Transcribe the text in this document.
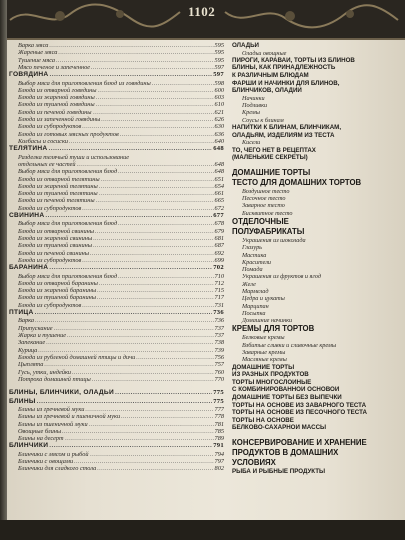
1102
Варка мяса .....	595
Жареные мяса .....	595
Тушение мяса .....	595
Мясо печеное и запеченное .....	597
ГОВЯДИНА .....	597
Выбор мяса для приготовления блюд из говядины .....	598
Блюда из отварной говядины .....	600
Блюда из жареной говядины .....	603
Блюда из тушеной говядины .....	610
Блюда из печеной говядины .....	621
Блюда из запеченной говядины .....	626
Блюда из субпродуктов .....	630
Блюда из готовых мясных продуктов .....	636
Колбасы и сосиски .....	640
ТЕЛЯТИНА .....	648
Разделка телячьей туши и использование
отдельных ее частей .....	648
Выбор мяса для приготовления блюд .....	648
Блюда из отварной телятины .....	651
Блюда из жареной телятины .....	654
Блюда из тушеной телятины .....	661
Блюда из печеной телятины .....	665
Блюда из субпродуктов .....	672
СВИНИНА .....	677
Выбор мяса для приготовления блюд .....	678
Блюда из отварной свинины .....	679
Блюда из жареной свинины .....	681
Блюда из тушеной свинины .....	687
Блюда из печеной свинины .....	692
Блюда из субпродуктов .....	699
БАРАНИНА .....	702
Выбор мяса для приготовления блюд .....	710
Блюда из отварной баранины .....	712
Блюда из жареной баранины .....	715
Блюда из тушеной баранины .....	717
Блюда из субпродуктов .....	731
ПТИЦА .....	736
Варка .....	736
Припускание .....	737
Жарка и тушение .....	737
Запекание .....	738
Курица .....	739
Блюда из рубленой домашней птицы и дичи .....	756
Цыплята .....	757
Гусь, утки, индейки .....	760
Потроха домашней птицы .....	770
БЛИНЫ, БЛИНЧИКИ, ОЛАДЬИ .....	775
БЛИНЫ .....	775
Блины из гречневой муки .....	777
Блины из гречневой и пшеничной муки .....	778
Блины из пшеничной муки .....	781
Овощные блины .....	785
Блины на десерт .....	789
БЛИНЧИКИ .....	791
Блинчики с мясом и рыбой .....	794
Блинчики с овощами .....	797
Блинчики для сладкого стола .....	802
ОЛАДЬИ
Оладьи овощные
ПИРОГИ, КАРАВАИ, ТОРТЫ ИЗ БЛИНОВ
БЛИНЫ, КАК ПРИНАДЛЕЖНОСТЬ
К РАЗЛИЧНЫМ БЛЮДАМ
ФАРШИ И НАЧИНКИ ДЛЯ БЛИНОВ,
БЛИНЧИКОВ, ОЛАДИЙ
Начинки
Подливки
Кремы
Соусы к блинам
НАПИТКИ К БЛИНАМ, БЛИНЧИКАМ,
ОЛАДЬЯМ, ИЗДЕЛИЯМ ИЗ ТЕСТА
Кисели
ТО, ЧЕГО НЕТ В РЕЦЕПТАХ
(МАЛЕНЬКИЕ СЕКРЕТЫ)
ДОМАШНИЕ ТОРТЫ
ТЕСТО ДЛЯ ДОМАШНИХ ТОРТОВ
Воздушное тесто
Песочное тесто
Заварное тесто
Бисквитное тесто
ОТДЕЛОЧНЫЕ
ПОЛУФАБРИКАТЫ
Украшения из шоколада
Глазурь
Мастика
Красители
Помада
Украшения из фруктов и ягод
Желе
Мармелад
Цедра и цукаты
Марципан
Посыпка
Домашние начинки
КРЕМЫ ДЛЯ ТОРТОВ
Белковые кремы
Взбитые сливки и сливочные кремы
Заварные кремы
Масляные кремы
ДОМАШНИЕ ТОРТЫ
ИЗ РАЗНЫХ ПРОДУКТОВ
ТОРТЫ МНОГОСЛОЙНЫЕ
С КОМБИНИРОВАННОЙ ОСНОВОЙ
ДОМАШНИЕ ТОРТЫ БЕЗ ВЫПЕЧКИ
ТОРТЫ НА ОСНОВЕ ИЗ ЗАВАРНОГО ТЕСТА
ТОРТЫ НА ОСНОВЕ ИЗ ПЕСОЧНОГО ТЕСТА
ТОРТЫ НА ОСНОВЕ
БЕЛКОВО-САХАРНОЙ МАССЫ
КОНСЕРВИРОВАНИЕ И ХРАНЕНИЕ
ПРОДУКТОВ В ДОМАШНИХ
УСЛОВИЯХ
РЫБА И РЫБНЫЕ ПРОДУКТЫ
